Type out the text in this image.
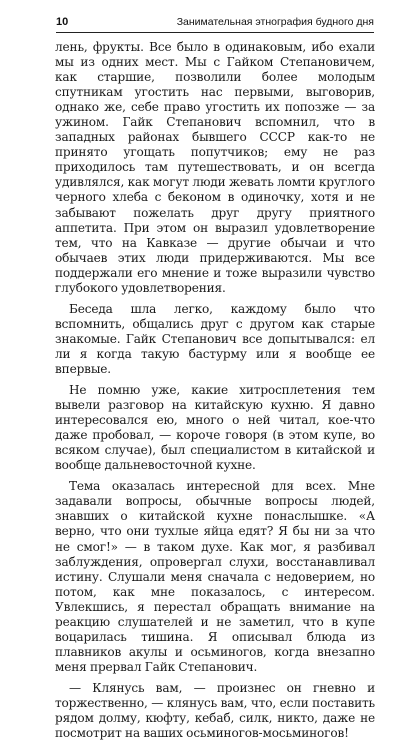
10	Занимательная этнография будного дня

лень, фрукты. Все было в одинаковым, ибо ехали мы из одних мест. Мы с Гайком Степановичем, как старшие, позволили более молодым спутникам угостить нас первыми, выговорив, однако же, себе право угостить их попозже — за ужином. Гайк Степанович вспомнил, что в западных районах бывшего СССР как-то не принято угощать попутчиков; ему не раз приходилось там путешествовать, и он всегда удивлялся, как могут люди жевать ломти круглого черного хлеба с беконом в одиночку, хотя и не забывают пожелать друг другу приятного аппетита. При этом он выразил удовлетворение тем, что на Кавказе — другие обычаи и что обычаев этих люди придерживаются. Мы все поддержали его мнение и тоже выразили чувство глубокого удовлетворения.

Беседа шла легко, каждому было что вспомнить, общались друг с другом как старые знакомые. Гайк Степанович все допытывался: ел ли я когда такую бастурму или я вообще ее впервые.

Не помню уже, какие хитросплетения тем вывели разговор на китайскую кухню. Я давно интересовался ею, много о ней читал, кое-что даже пробовал, — короче говоря (в этом купе, во всяком случае), был специалистом в китайской и вообще дальневосточной кухне.

Тема оказалась интересной для всех. Мне задавали вопросы, обычные вопросы людей, знавших о китайской кухне понаслышке. «А верно, что они тухлые яйца едят? Я бы ни за что не смог!» — в таком духе. Как мог, я разбивал заблуждения, опровергал слухи, восстанавливал истину. Слушали меня сначала с недоверием, но потом, как мне показалось, с интересом. Увлекшись, я перестал обращать внимание на реакцию слушателей и не заметил, что в купе воцарилась тишина. Я описывал блюда из плавников акулы и осьминогов, когда внезапно меня прервал Гайк Степанович.

— Клянусь вам, — произнес он гневно и торжественно, — клянусь вам, что, если поставить рядом долму, кюфту, кебаб, силк, никто, даже не посмотрит на ваших осьминогов-мосьминогов!
